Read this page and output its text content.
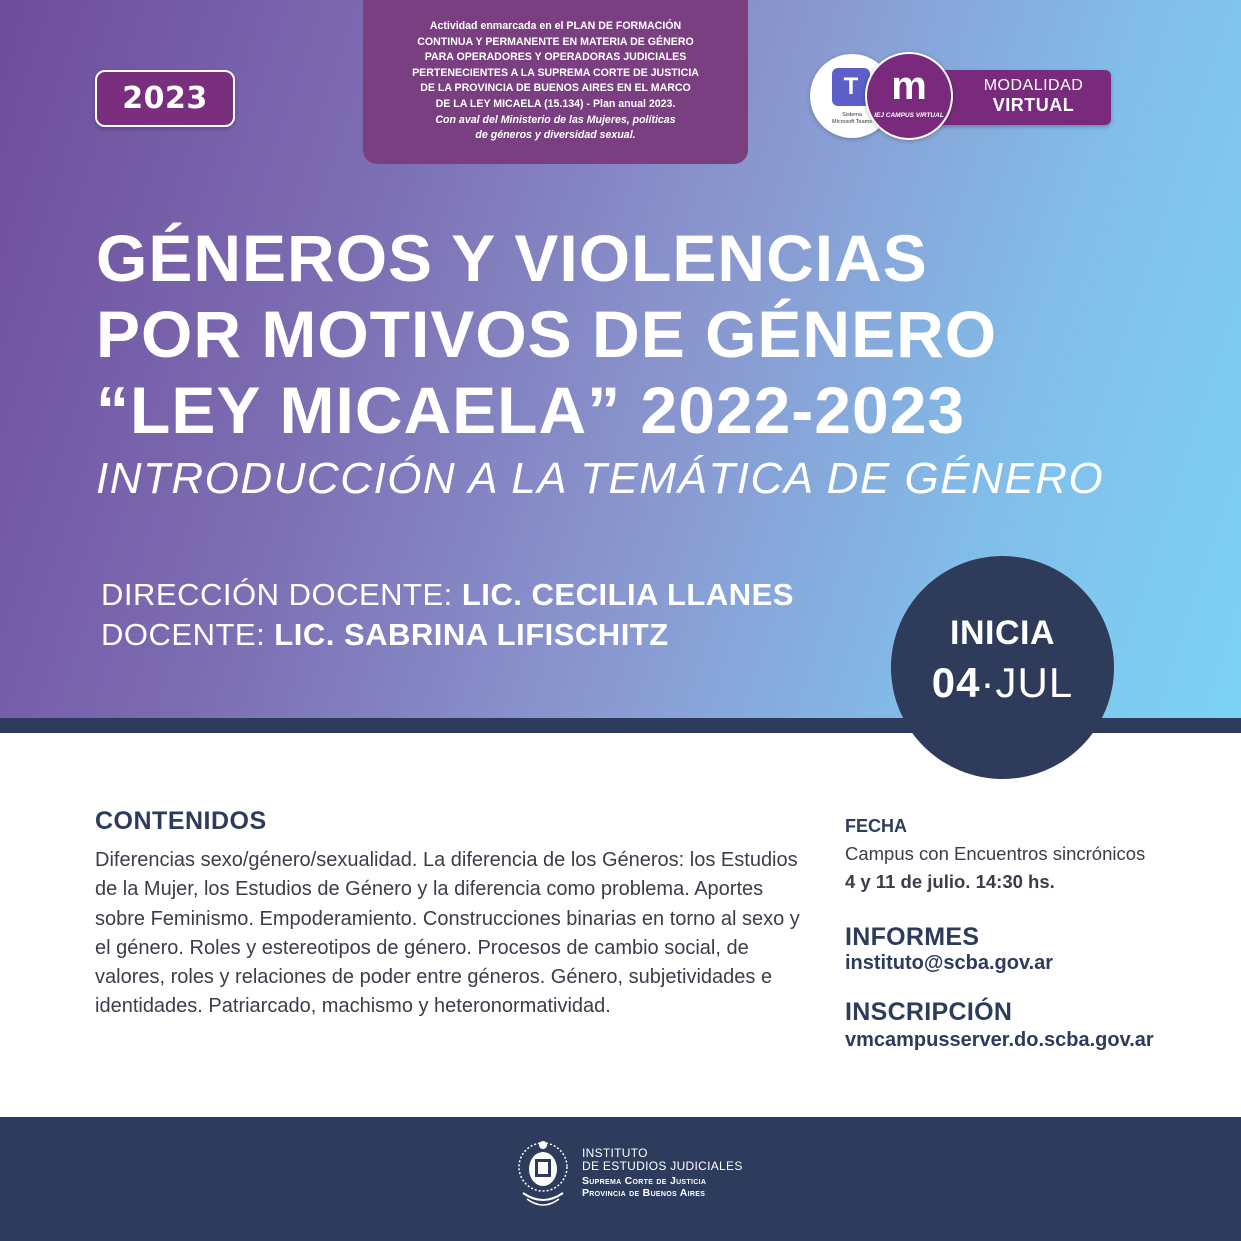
2023
Actividad enmarcada en el PLAN DE FORMACIÓN
CONTINUA Y PERMANENTE EN MATERIA DE GÉNERO
PARA OPERADORES Y OPERADORAS JUDICIALES
PERTENECIENTES A LA SUPREMA CORTE DE JUSTICIA
DE LA PROVINCIA DE BUENOS AIRES EN EL MARCO
DE LA LEY MICAELA (15.134) - Plan anual 2023.
Con aval del Ministerio de las Mujeres, políticas
de géneros y diversidad sexual.
T
Sistema
Microsoft Teams
MODALIDAD
VIRTUAL
m
IEJ CAMPUS VIRTUAL
GÉNEROS Y VIOLENCIAS
POR MOTIVOS DE GÉNERO
“LEY MICAELA” 2022-2023
INTRODUCCIÓN A LA TEMÁTICA DE GÉNERO
DIRECCIÓN DOCENTE: LIC. CECILIA LLANES
DOCENTE: LIC. SABRINA LIFISCHITZ	INICIA
04·JUL
CONTENIDOS
Diferencias sexo/género/sexualidad. La diferencia de los Géneros: los Estudios de la Mujer, los Estudios de Género y la diferencia como problema. Aportes sobre Feminismo. Empoderamiento. Construcciones binarias en torno al sexo y el género. Roles y estereotipos de género. Procesos de cambio social, de valores, roles y relaciones de poder entre géneros. Género, subjetividades e identidades. Patriarcado, machismo y heteronormatividad.
FECHA
Campus con Encuentros sincrónicos
4 y 11 de julio. 14:30 hs.
INFORMES
instituto@scba.gov.ar
INSCRIPCIÓN
vmcampusserver.do.scba.gov.ar
INSTITUTO
DE ESTUDIOS JUDICIALES
Suprema Corte de Justicia
Provincia de Buenos Aires
